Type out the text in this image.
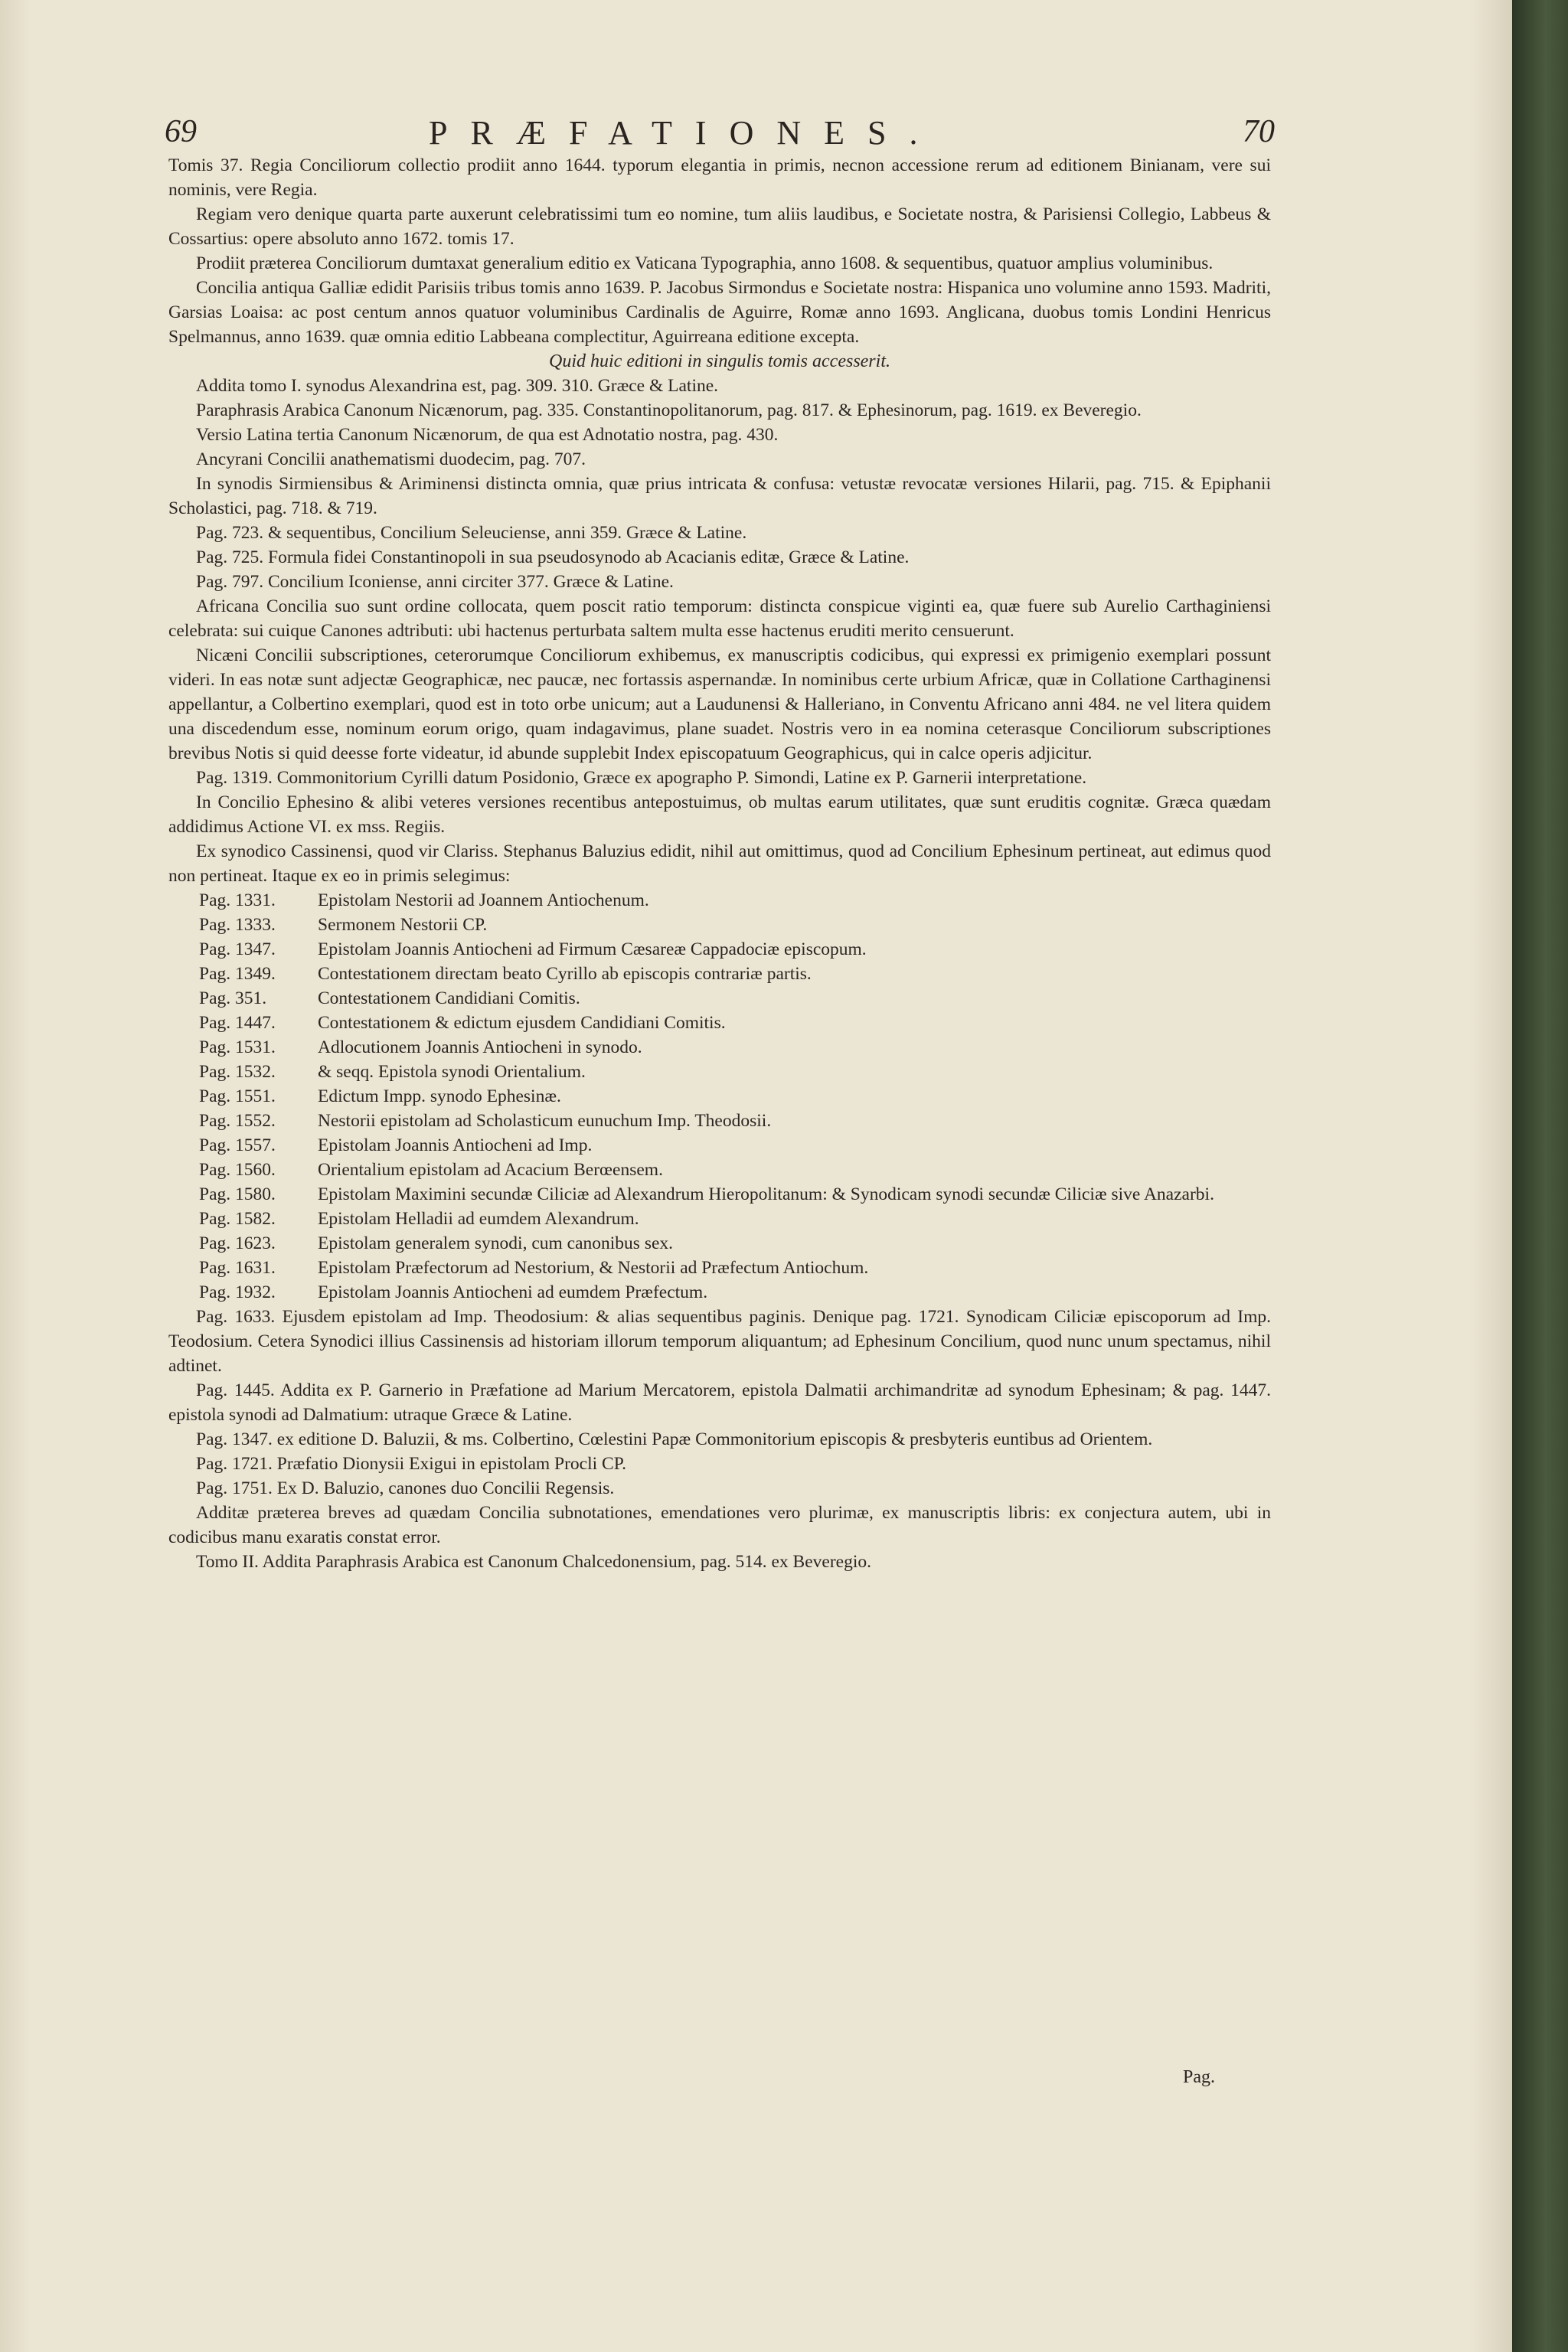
69	PRÆFATIONES.	70

Tomis 37. Regia Conciliorum collectio prodiit anno 1644. typorum elegantia in primis, necnon accessione rerum ad editionem Binianam, vere sui nominis, vere Regia.

Regiam vero denique quarta parte auxerunt celebratissimi tum eo nomine, tum aliis laudibus, e Societate nostra, & Parisiensi Collegio, Labbeus & Cossartius: opere absoluto anno 1672. tomis 17.

Prodiit præterea Conciliorum dumtaxat generalium editio ex Vaticana Typographia, anno 1608. & sequentibus, quatuor amplius voluminibus.

Concilia antiqua Galliæ edidit Parisiis tribus tomis anno 1639. P. Jacobus Sirmondus e Societate nostra: Hispanica uno volumine anno 1593. Madriti, Garsias Loaisa: ac post centum annos quatuor voluminibus Cardinalis de Aguirre, Romæ anno 1693. Anglicana, duobus tomis Londini Henricus Spelmannus, anno 1639. quæ omnia editio Labbeana complectitur, Aguirreana editione excepta.

Quid huic editioni in singulis tomis accesserit.

Addita tomo I. synodus Alexandrina est, pag. 309. 310. Græce & Latine.

Paraphrasis Arabica Canonum Nicænorum, pag. 335. Constantinopolitanorum, pag. 817. & Ephesinorum, pag. 1619. ex Beveregio.

Versio Latina tertia Canonum Nicænorum, de qua est Adnotatio nostra, pag. 430.

Ancyrani Concilii anathematismi duodecim, pag. 707.

In synodis Sirmiensibus & Ariminensi distincta omnia, quæ prius intricata & confusa: vetustæ revocatæ versiones Hilarii, pag. 715. & Epiphanii Scholastici, pag. 718. & 719.

Pag. 723. & sequentibus, Concilium Seleuciense, anni 359. Græce & Latine.

Pag. 725. Formula fidei Constantinopoli in sua pseudosynodo ab Acacianis editæ, Græce & Latine.

Pag. 797. Concilium Iconiense, anni circiter 377. Græce & Latine.

Africana Concilia suo sunt ordine collocata, quem poscit ratio temporum: distincta conspicue viginti ea, quæ fuere sub Aurelio Carthaginiensi celebrata: sui cuique Canones adtributi: ubi hactenus perturbata saltem multa esse hactenus eruditi merito censuerunt.

Nicæni Concilii subscriptiones, ceterorumque Conciliorum exhibemus, ex manuscriptis codicibus, qui expressi ex primigenio exemplari possunt videri. In eas notæ sunt adjectæ Geographicæ, nec paucæ, nec fortassis aspernandæ. In nominibus certe urbium Africæ, quæ in Collatione Carthaginensi appellantur, a Colbertino exemplari, quod est in toto orbe unicum; aut a Laudunensi & Halleriano, in Conventu Africano anni 484. ne vel litera quidem una discedendum esse, nominum eorum origo, quam indagavimus, plane suadet. Nostris vero in ea nomina ceterasque Conciliorum subscriptiones brevibus Notis si quid deesse forte videatur, id abunde supplebit Index episcopatuum Geographicus, qui in calce operis adjicitur.

Pag. 1319. Commonitorium Cyrilli datum Posidonio, Græce ex apographo P. Simondi, Latine ex P. Garnerii interpretatione.

In Concilio Ephesino & alibi veteres versiones recentibus antepostuimus, ob multas earum utilitates, quæ sunt eruditis cognitæ. Græca quædam addidimus Actione VI. ex mss. Regiis.

Ex synodico Cassinensi, quod vir Clariss. Stephanus Baluzius edidit, nihil aut omittimus, quod ad Concilium Ephesinum pertineat, aut edimus quod non pertineat. Itaque ex eo in primis selegimus:

Pag. 1331.	Epistolam Nestorii ad Joannem Antiochenum.
Pag. 1333.	Sermonem Nestorii CP.
Pag. 1347.	Epistolam Joannis Antiocheni ad Firmum Cæsareæ Cappadociæ episcopum.
Pag. 1349.	Contestationem directam beato Cyrillo ab episcopis contrariæ partis.
Pag. 351.	Contestationem Candidiani Comitis.
Pag. 1447.	Contestationem & edictum ejusdem Candidiani Comitis.
Pag. 1531.	Adlocutionem Joannis Antiocheni in synodo.
Pag. 1532.	& seqq. Epistola synodi Orientalium.
Pag. 1551.	Edictum Impp. synodo Ephesinæ.
Pag. 1552.	Nestorii epistolam ad Scholasticum eunuchum Imp. Theodosii.
Pag. 1557.	Epistolam Joannis Antiocheni ad Imp.
Pag. 1560.	Orientalium epistolam ad Acacium Berœensem.
Pag. 1580.	Epistolam Maximini secundæ Ciliciæ ad Alexandrum Hieropolitanum: & Synodicam synodi secundæ Ciliciæ sive Anazarbi.
Pag. 1582.	Epistolam Helladii ad eumdem Alexandrum.
Pag. 1623.	Epistolam generalem synodi, cum canonibus sex.
Pag. 1631.	Epistolam Præfectorum ad Nestorium, & Nestorii ad Præfectum Antiochum.
Pag. 1932.	Epistolam Joannis Antiocheni ad eumdem Præfectum.

Pag. 1633. Ejusdem epistolam ad Imp. Theodosium: & alias sequentibus paginis. Denique pag. 1721. Synodicam Ciliciæ episcoporum ad Imp. Teodosium. Cetera Synodici illius Cassinensis ad historiam illorum temporum aliquantum; ad Ephesinum Concilium, quod nunc unum spectamus, nihil adtinet.

Pag. 1445. Addita ex P. Garnerio in Præfatione ad Marium Mercatorem, epistola Dalmatii archimandritæ ad synodum Ephesinam; & pag. 1447. epistola synodi ad Dalmatium: utraque Græce & Latine.

Pag. 1347. ex editione D. Baluzii, & ms. Colbertino, Cœlestini Papæ Commonitorium episcopis & presbyteris euntibus ad Orientem.

Pag. 1721. Præfatio Dionysii Exigui in epistolam Procli CP.

Pag. 1751. Ex D. Baluzio, canones duo Concilii Regensis.

Additæ præterea breves ad quædam Concilia subnotationes, emendationes vero plurimæ, ex manuscriptis libris: ex conjectura autem, ubi in codicibus manu exaratis constat error.

Tomo II. Addita Paraphrasis Arabica est Canonum Chalcedonensium, pag. 514. ex Beveregio.

Pag.
